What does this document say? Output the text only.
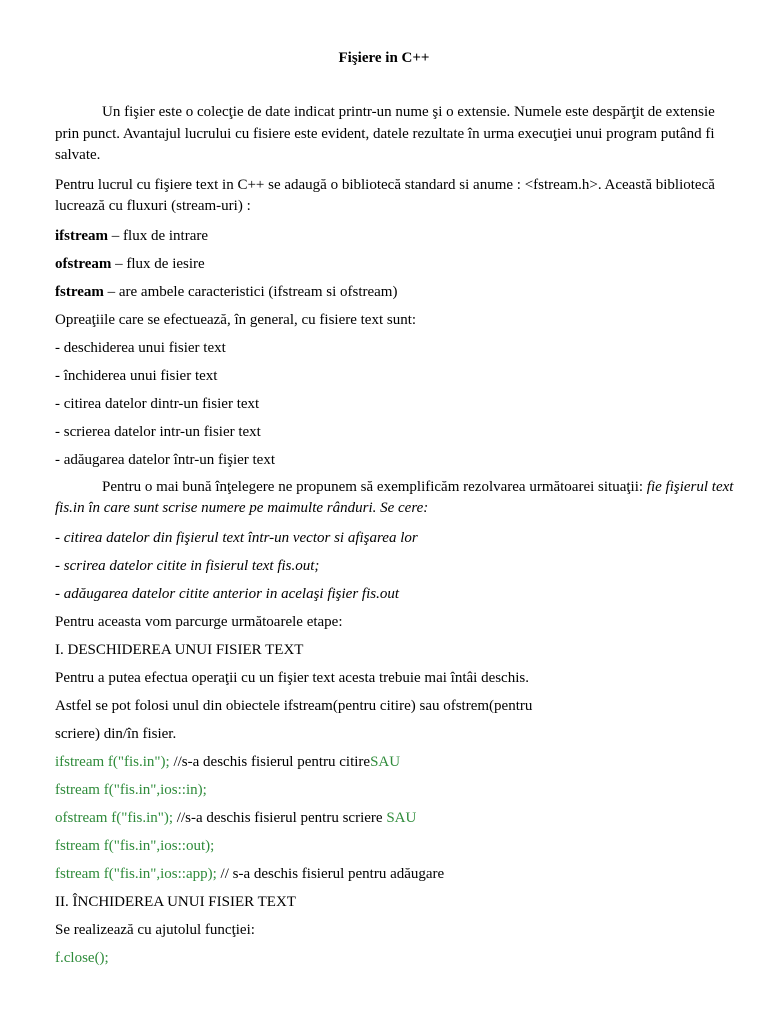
Fişiere in C++

Un fişier este o colecţie de date indicat printr-un nume şi o extensie. Numele este despărţit de extensie prin punct. Avantajul lucrului cu fisiere este evident, datele rezultate în urma execuţiei unui program putând fi salvate.

Pentru lucrul cu fişiere text in C++ se adaugă o bibliotecă standard si anume : <fstream.h>. Această bibliotecă lucrează cu fluxuri (stream-uri) :

ifstream – flux de intrare

ofstream – flux de iesire

fstream – are ambele caracteristici (ifstream si ofstream)

Opreaţiile care se efectuează, în general, cu fisiere text sunt:

- deschiderea unui fisier text

- închiderea unui fisier text

- citirea datelor dintr-un fisier text

- scrierea datelor intr-un fisier text

- adăugarea datelor într-un fişier text

Pentru o mai bună înţelegere ne propunem să exemplificăm rezolvarea următoarei situaţii: fie fişierul text fis.in în care sunt scrise numere pe maimulte rânduri. Se cere:

- citirea datelor din fişierul text într-un vector si afişarea lor

- scrirea datelor citite in fisierul text fis.out;

- adăugarea datelor citite anterior in acelaşi fişier fis.out

Pentru aceasta vom parcurge următoarele etape:

I. DESCHIDEREA UNUI FISIER TEXT

Pentru a putea efectua operaţii cu un fişier text acesta trebuie mai întâi deschis.

Astfel se pot folosi unul din obiectele ifstream(pentru citire) sau ofstrem(pentru

scriere) din/în fisier.

ifstream f("fis.in"); //s-a deschis fisierul pentru citireSAU

fstream f("fis.in",ios::in);

ofstream f("fis.in"); //s-a deschis fisierul pentru scriere SAU

fstream f("fis.in",ios::out);

fstream f("fis.in",ios::app); // s-a deschis fisierul pentru adăugare

II. ÎNCHIDEREA UNUI FISIER TEXT

Se realizează cu ajutolul funcţiei:

f.close();
